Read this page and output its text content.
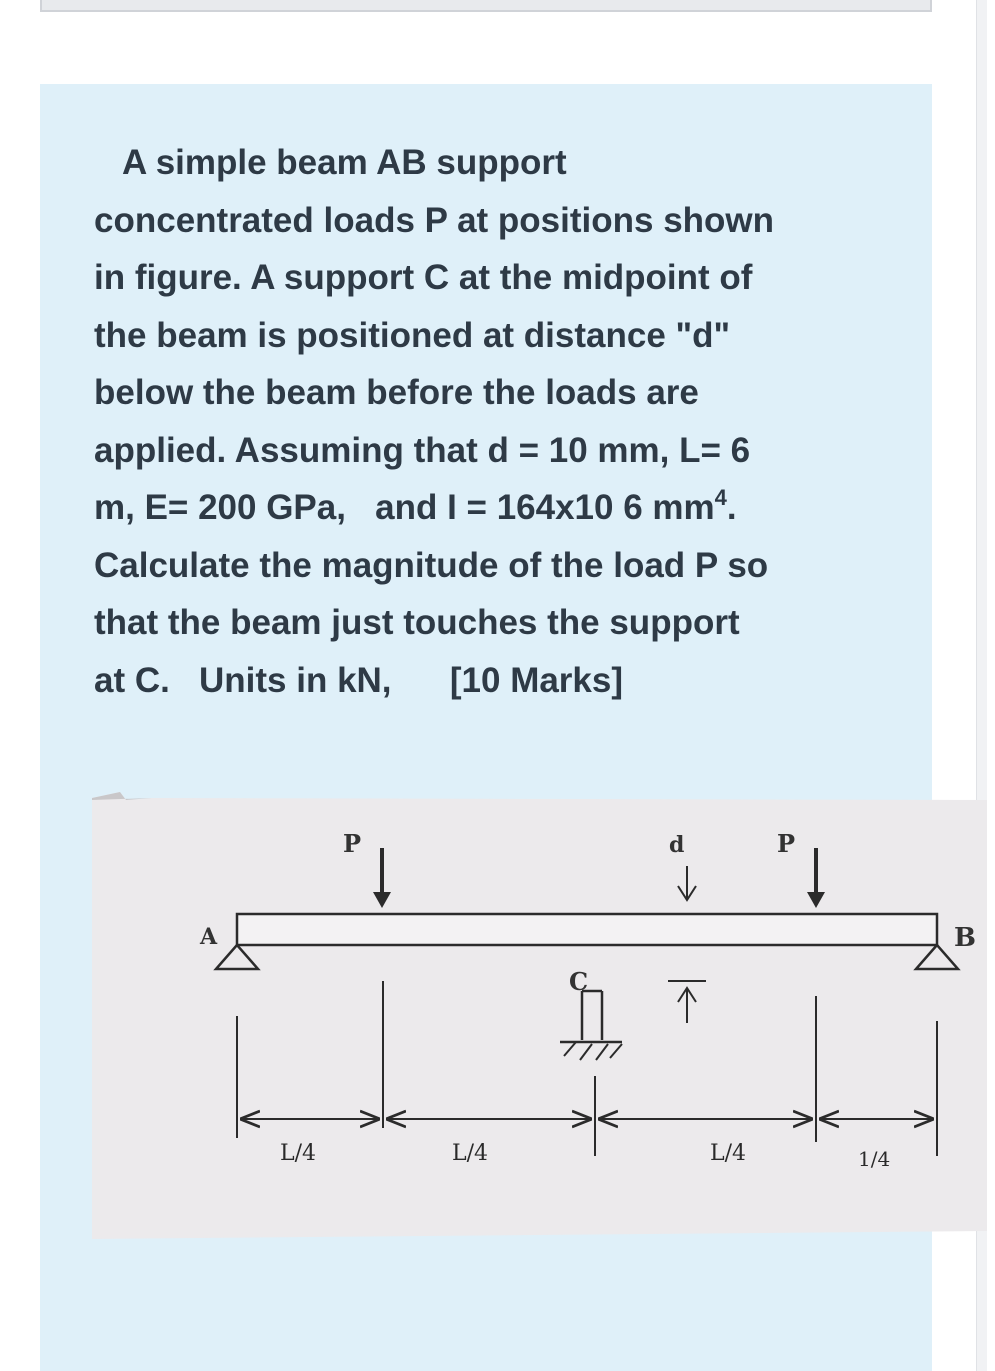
A simple beam AB support
concentrated loads P at positions shown
in figure. A support C at the midpoint of
the beam is positioned at distance "d"
below the beam before the loads are
applied. Assuming that d = 10 mm, L= 6
m, E= 200 GPa,   and I = 164x10 6 $mm^4$.
Calculate the magnitude of the load P so
that the beam just touches the support
at C.   Units in kN,      [10 Marks]

A	B
P	P
d
C
L/4	L/4	L/4	1/4
